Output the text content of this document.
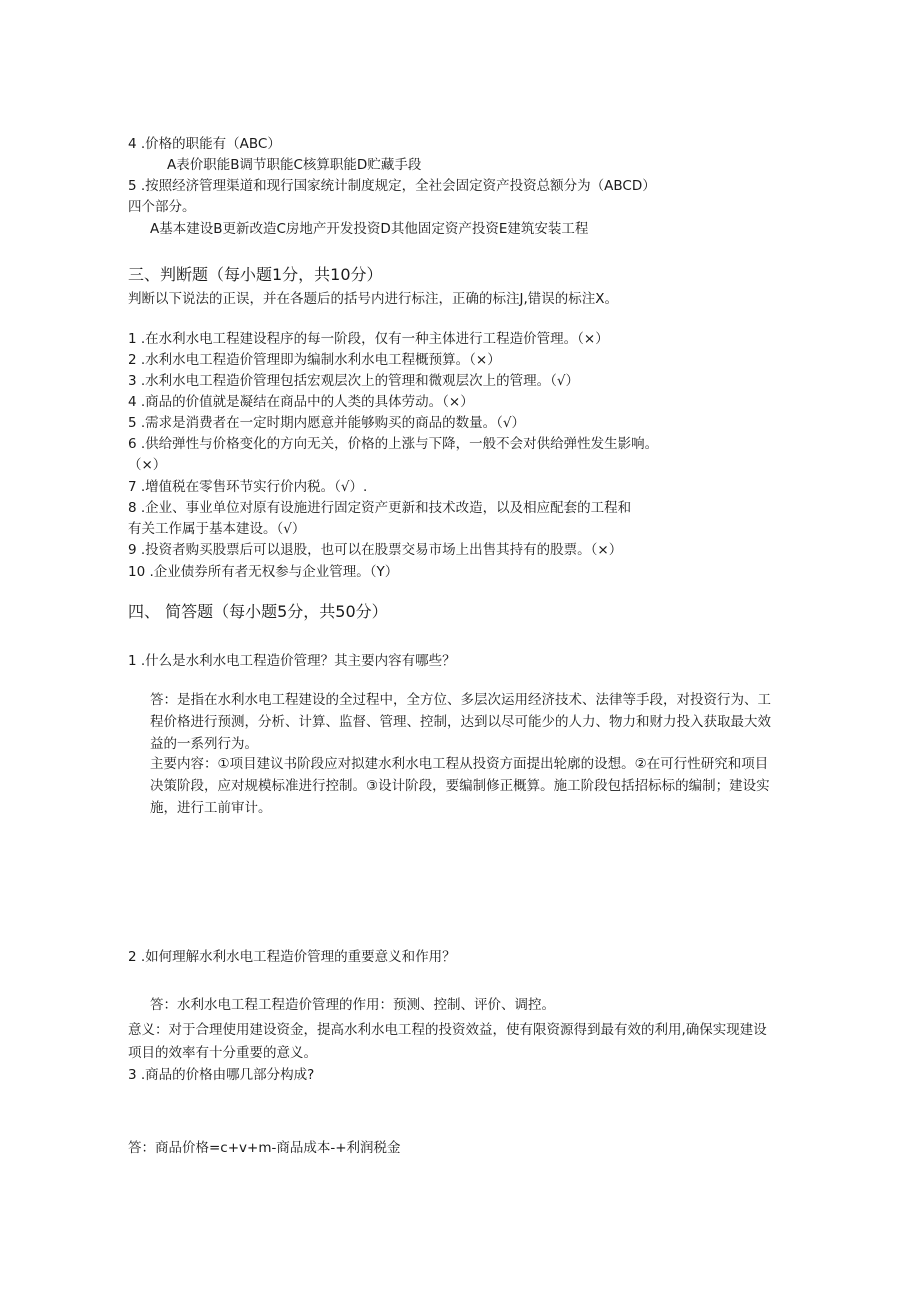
4 .价格的职能有（ABC）
A表价职能B调节职能C核算职能D贮藏手段
5 .按照经济管理渠道和现行国家统计制度规定，全社会固定资产投资总额分为（ABCD）
四个部分。
A基本建设B更新改造C房地产开发投资D其他固定资产投资E建筑安装工程
三、判断题（每小题1分，共10分）
判断以下说法的正误，并在各题后的括号内进行标注，正确的标注J,错误的标注X。
1 .在水利水电工程建设程序的每一阶段，仅有一种主体进行工程造价管理。（×）
2 .水利水电工程造价管理即为编制水利水电工程概预算。（×）
3 .水利水电工程造价管理包括宏观层次上的管理和微观层次上的管理。（√）
4 .商品的价值就是凝结在商品中的人类的具体劳动。（×）
5 .需求是消费者在一定时期内愿意并能够购买的商品的数量。（√）
6 .供给弹性与价格变化的方向无关，价格的上涨与下降，一般不会对供给弹性发生影响。
（×）
7 .增值税在零售环节实行价内税。（√）.
8 .企业、事业单位对原有设施进行固定资产更新和技术改造，以及相应配套的工程和
有关工作属于基本建设。（√）
9 .投资者购买股票后可以退股，也可以在股票交易市场上出售其持有的股票。（×）
10 .企业债券所有者无权参与企业管理。（Y）
四、 简答题（每小题5分，共50分）
1 .什么是水利水电工程造价管理？其主要内容有哪些？
答：是指在水利水电工程建设的全过程中，全方位、多层次运用经济技术、法律等手段，对投资行为、工
程价格进行预测，分析、计算、监督、管理、控制，达到以尽可能少的人力、物力和财力投入获取最大效
益的一系列行为。
主要内容：①项目建议书阶段应对拟建水利水电工程从投资方面提出轮廓的设想。②在可行性研究和项目
决策阶段，应对规模标准进行控制。③设计阶段，要编制修正概算。施工阶段包括招标标的编制；建设实
施，进行工前审计。
2 .如何理解水利水电工程造价管理的重要意义和作用？
答：水利水电工程工程造价管理的作用：预测、控制、评价、调控。
意义：对于合理使用建设资金，提高水利水电工程的投资效益，使有限资源得到最有效的利用,确保实现建设
项目的效率有十分重要的意义。
3 .商品的价格由哪几部分构成?
答：商品价格=c+v+m-商品成本-+利润税金
